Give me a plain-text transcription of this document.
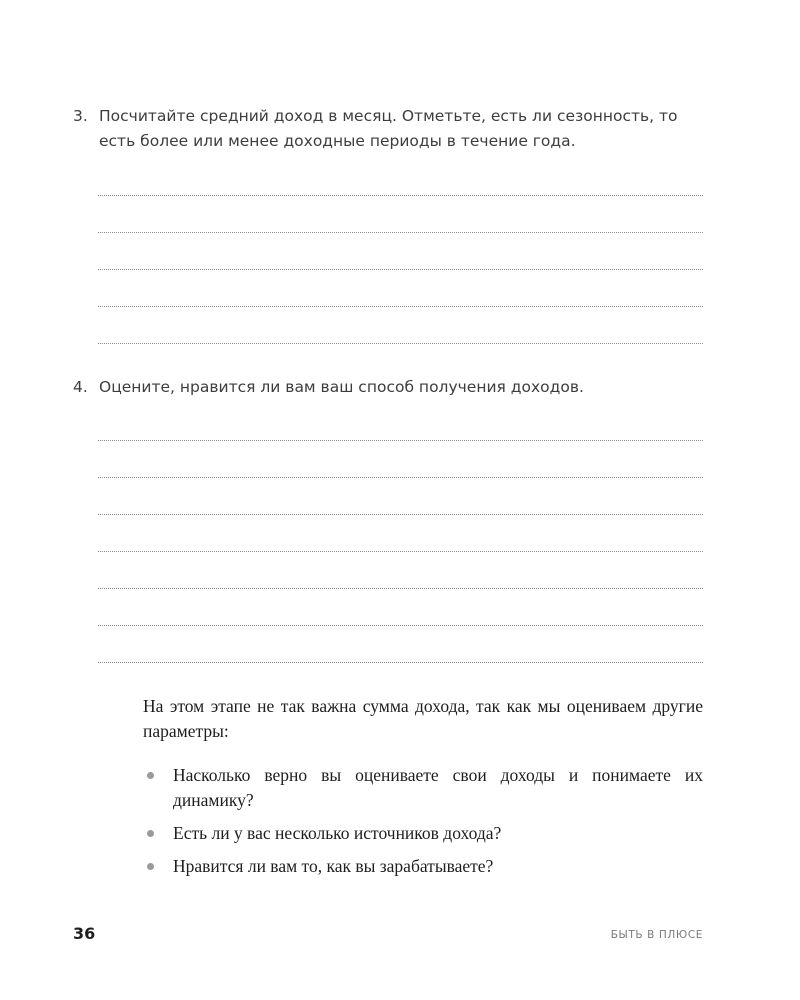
3. Посчитайте средний доход в месяц. Отметьте, есть ли сезонность, то есть более или менее доходные периоды в течение года.
4. Оцените, нравится ли вам ваш способ получения доходов.

На этом этапе не так важна сумма дохода, так как мы оцениваем другие параметры:

Насколько верно вы оцениваете свои доходы и понимаете их динамику?
Есть ли у вас несколько источников дохода?
Нравится ли вам то, как вы зарабатываете?
36	БЫТЬ В ПЛЮСЕ
